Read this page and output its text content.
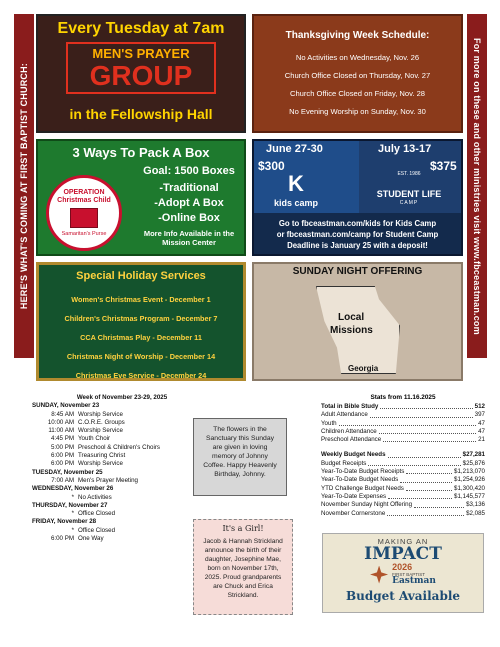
HERE'S WHAT'S COMING AT FIRST BAPTIST CHURCH:	For more on these and other ministries visit www.fbceastman.com
Every Tuesday at 7am
MEN'S PRAYER
GROUP
in the Fellowship Hall
Thanksgiving Week Schedule:
No Activities on Wednesday, Nov. 26
Church Office Closed on Thursday, Nov. 27
Church Office Closed on Friday, Nov. 28
No Evening Worship on Sunday, Nov. 30
3 Ways To Pack A Box
OPERATION Christmas Child
Samaritan's Purse
Goal: 1500 Boxes
-Traditional
-Adopt A Box
-Online Box
More Info Available in the Mission Center
June 27-30	July 13-17
$300	$375
K
kids camp
EST. 1986
STUDENT LIFE
CAMP
Go to fbceastman.com/kids for Kids Camp
or fbceastman.com/camp for Student Camp
Deadline is January 25 with a deposit!
Special Holiday Services
Women's Christmas Event - December 1
Children's Christmas Program - December 7
CCA Christmas Play - December 11
Christmas Night of Worship - December 14
Christmas Eve Service - December 24
SUNDAY NIGHT OFFERING
Local
Missions
Georgia
Week of November 23-29, 2025
SUNDAY, November 23
8:45 AM Worship Service
10:00 AM C.O.R.E. Groups
11:00 AM Worship Service
4:45 PM Youth Choir
5:00 PM Preschool & Children's Choirs
6:00 PM Treasuring Christ
6:00 PM Worship Service
TUESDAY, November 25
7:00 AM Men's Prayer Meeting
WEDNESDAY, November 26
* No Activities
THURSDAY, November 27
* Office Closed
FRIDAY, November 28
* Office Closed
6:00 PM One Way
The flowers in the Sanctuary this Sunday are given in loving memory of Johnny Coffee. Happy Heavenly Birthday, Johnny.
It's a Girl!
Jacob & Hannah Strickland announce the birth of their daughter, Josephine Mae, born on November 17th, 2025. Proud grandparents are Chuck and Erica Strickland.
Stats from 11.16.2025
Total in Bible Study	512
Adult Attendance	397
Youth	47
Children Attendance	47
Preschool Attendance	21
Weekly Budget Needs	$27,281
Budget Receipts	$25,876
Year-To-Date Budget Receipts	$1,213,070
Year-To-Date Budget Needs	$1,254,926
YTD Challenge Budget Needs	$1,300,420
Year-To-Date Expenses	$1,145,577
November Sunday Night Offering	$3,136
November Cornerstone	$2,085
MAKING AN
IMPACT
2026
FIRST BAPTIST
Eastman
Budget Available
